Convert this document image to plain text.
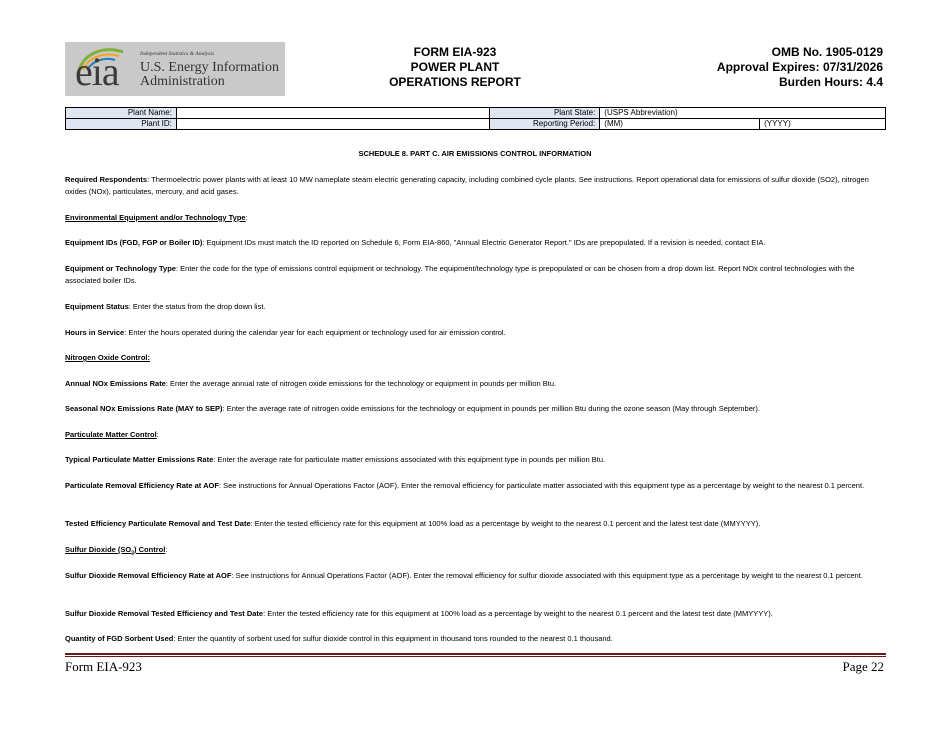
eia	Independent Statistics & Analysis
U.S. Energy Information Administration
FORM EIA-923
POWER PLANT
OPERATIONS REPORT
OMB No. 1905-0129
Approval Expires: 07/31/2026
Burden Hours: 4.4
Plant Name:		Plant State:	(USPS Abbreviation)	
Plant ID:		Reporting Period:	(MM)	(YYYY)
SCHEDULE 8. PART C. AIR EMISSIONS CONTROL INFORMATION

Required Respondents: Thermoelectric power plants with at least 10 MW nameplate steam electric generating capacity, including combined cycle plants. See instructions. Report operational data for emissions of sulfur dioxide (SO2), nitrogen oxides (NOx), particulates, mercury, and acid gases.

Environmental Equipment and/or Technology Type:

Equipment IDs (FGD, FGP or Boiler ID): Equipment IDs must match the ID reported on Schedule 6, Form EIA-860, "Annual Electric Generator Report." IDs are prepopulated. If a revision is needed, contact EIA.

Equipment or Technology Type: Enter the code for the type of emissions control equipment or technology. The equipment/technology type is prepopulated or can be chosen from a drop down list. Report NOx control technologies with the associated boiler IDs.

Equipment Status: Enter the status from the drop down list.

Hours in Service: Enter the hours operated during the calendar year for each equipment or technology used for air emission control.

Nitrogen Oxide Control:

Annual NOx Emissions Rate: Enter the average annual rate of nitrogen oxide emissions for the technology or equipment in pounds per million Btu.

Seasonal NOx Emissions Rate (MAY to SEP): Enter the average rate of nitrogen oxide emissions for the technology or equipment in pounds per million Btu during the ozone season (May through September).

Particulate Matter Control:

Typical Particulate Matter Emissions Rate: Enter the average rate for particulate matter emissions associated with this equipment type in pounds per million Btu.

Particulate Removal Efficiency Rate at AOF: See instructions for Annual Operations Factor (AOF). Enter the removal efficiency for particulate matter associated with this equipment type as a percentage by weight to the nearest 0.1 percent.

Tested Efficiency Particulate Removal and Test Date: Enter the tested efficiency rate for this equipment at 100% load as a percentage by weight to the nearest 0.1 percent and the latest test date (MMYYYY).

Sulfur Dioxide $(SO_2)$ Control:

Sulfur Dioxide Removal Efficiency Rate at AOF: See instructions for Annual Operations Factor (AOF). Enter the removal efficiency for sulfur dioxide associated with this equipment type as a percentage by weight to the nearest 0.1 percent.

Sulfur Dioxide Removal Tested Efficiency and Test Date: Enter the tested efficiency rate for this equipment at 100% load as a percentage by weight to the nearest 0.1 percent and the latest test date (MMYYYY).

Quantity of FGD Sorbent Used: Enter the quantity of sorbent used for sulfur dioxide control in this equipment in thousand tons rounded to the nearest 0.1 thousand.

Form EIA-923	Page 22
